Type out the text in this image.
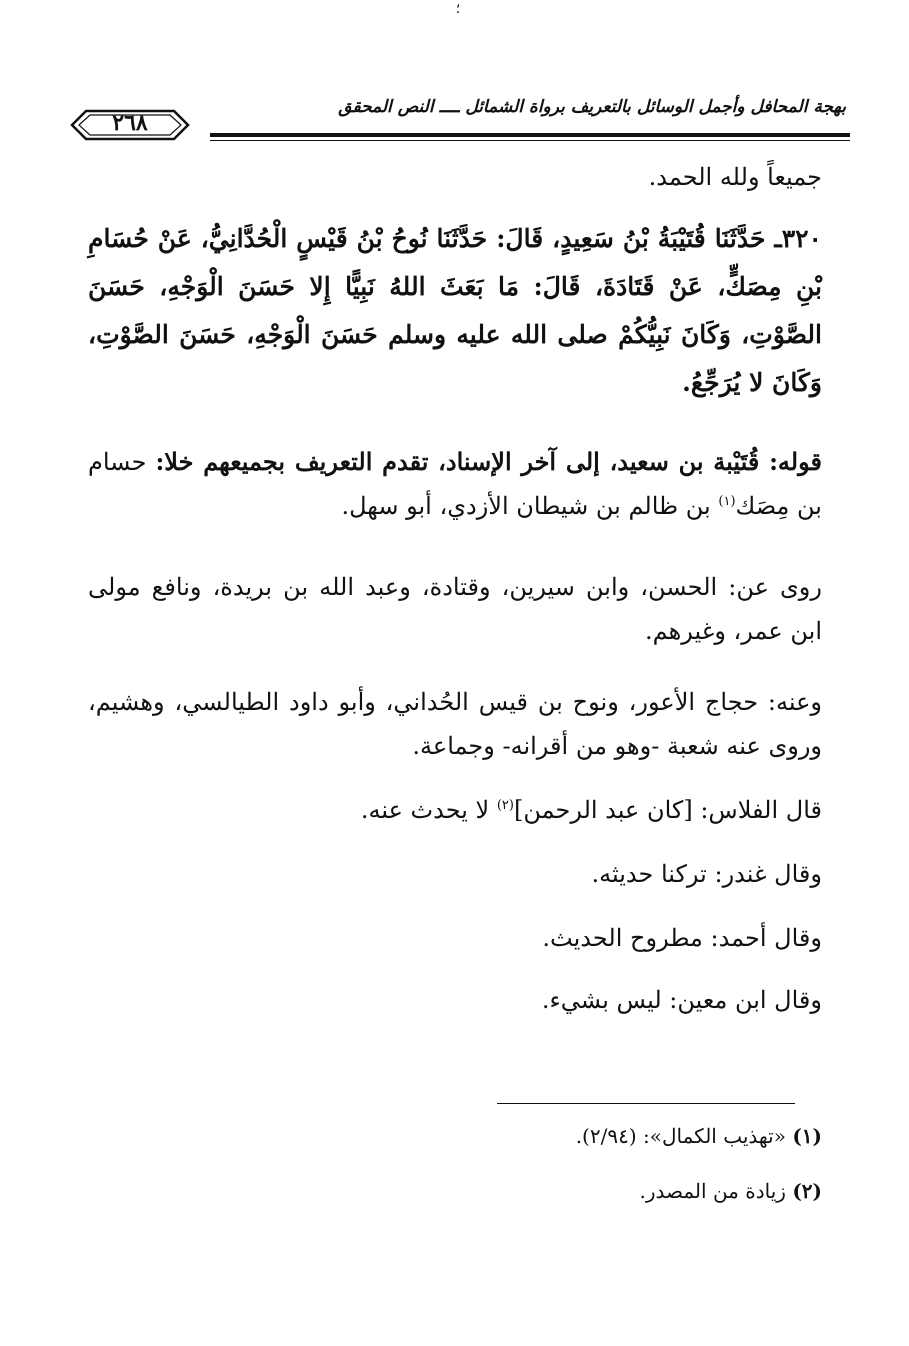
؛
بهجة المحافل وأجمل الوسائل بالتعريف برواة الشمائل ــــ النص المحقق
٢٦٨
جميعاً ولله الحمد.
٣٢٠ـ حَدَّثَنَا قُتَيْبَةُ بْنُ سَعِيدٍ، قَالَ: حَدَّثَنَا نُوحُ بْنُ قَيْسٍ الْحُدَّانِيُّ، عَنْ حُسَامِ بْنِ مِصَكٍّ، عَنْ قَتَادَةَ، قَالَ: مَا بَعَثَ اللهُ نَبِيًّا إِلا حَسَنَ الْوَجْهِ، حَسَنَ الصَّوْتِ، وَكَانَ نَبِيُّكُمْ صلى الله عليه وسلم حَسَنَ الْوَجْهِ، حَسَنَ الصَّوْتِ، وَكَانَ لا يُرَجِّعُ.
قوله: قُتَيْبة بن سعيد، إلى آخر الإسناد، تقدم التعريف بجميعهم خلا: حسام بن مِصَك$^{(١)}$ بن ظالم بن شيطان الأزدي، أبو سهل.
روى عن: الحسن، وابن سيرين، وقتادة، وعبد الله بن بريدة، ونافع مولى ابن عمر، وغيرهم.
وعنه: حجاج الأعور، ونوح بن قيس الحُداني، وأبو داود الطيالسي، وهشيم، وروى عنه شعبة -وهو من أقرانه- وجماعة.
قال الفلاس: [كان عبد الرحمن]$^{(٢)}$ لا يحدث عنه.
وقال غندر: تركنا حديثه.
وقال أحمد: مطروح الحديث.
وقال ابن معين: ليس بشيء.
(١) «تهذيب الكمال»: (٢/٩٤).
(٢) زيادة من المصدر.
